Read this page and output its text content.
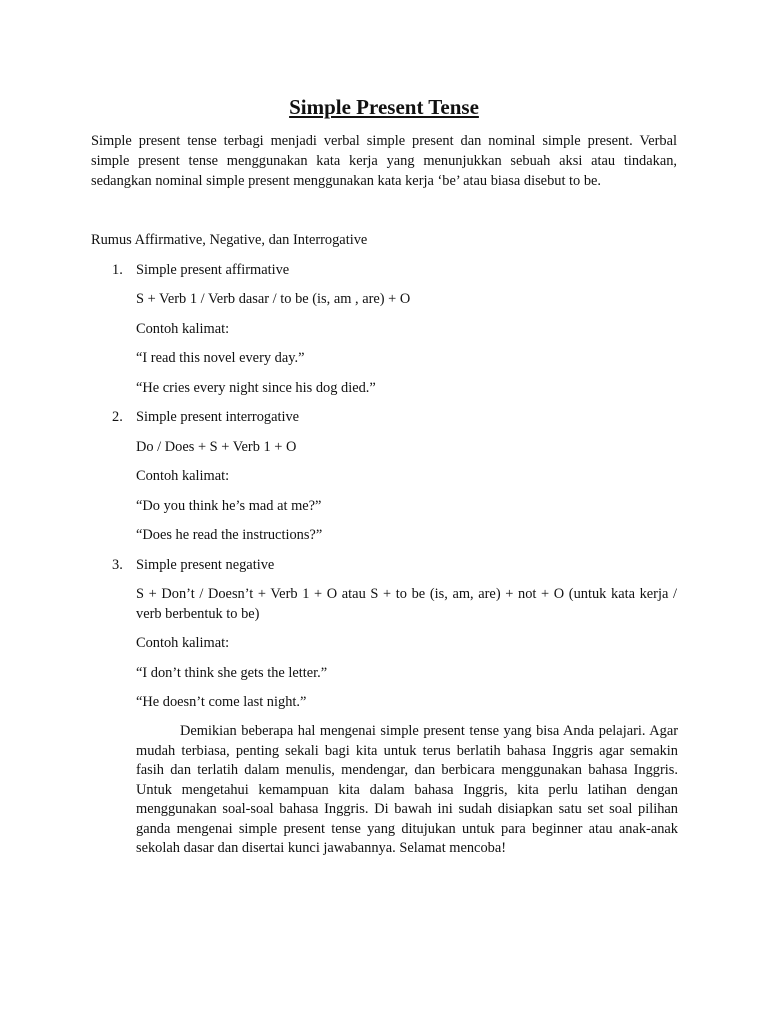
Simple Present Tense

Simple present tense terbagi menjadi verbal simple present dan nominal simple present. Verbal simple present tense menggunakan kata kerja yang menunjukkan sebuah aksi atau tindakan, sedangkan nominal simple present menggunakan kata kerja ‘be’ atau biasa disebut to be.

Rumus Affirmative, Negative, dan Interrogative

1. Simple present affirmative

S + Verb 1 / Verb dasar / to be (is, am , are) + O

Contoh kalimat:

“I read this novel every day.”

“He cries every night since his dog died.”

2. Simple present interrogative

Do / Does + S + Verb 1 + O

Contoh kalimat:

“Do you think he’s mad at me?”

“Does he read the instructions?”

3. Simple present negative

S + Don’t / Doesn’t + Verb 1 + O atau S + to be (is, am, are) + not + O (untuk kata kerja / verb berbentuk to be)

Contoh kalimat:

“I don’t think she gets the letter.”

“He doesn’t come last night.”

Demikian beberapa hal mengenai simple present tense yang bisa Anda pelajari. Agar mudah terbiasa, penting sekali bagi kita untuk terus berlatih bahasa Inggris agar semakin fasih dan terlatih dalam menulis, mendengar, dan berbicara menggunakan bahasa Inggris. Untuk mengetahui kemampuan kita dalam bahasa Inggris, kita perlu latihan dengan menggunakan soal-soal bahasa Inggris. Di bawah ini sudah disiapkan satu set soal pilihan ganda mengenai simple present tense yang ditujukan untuk para beginner atau anak-anak sekolah dasar dan disertai kunci jawabannya. Selamat mencoba!
